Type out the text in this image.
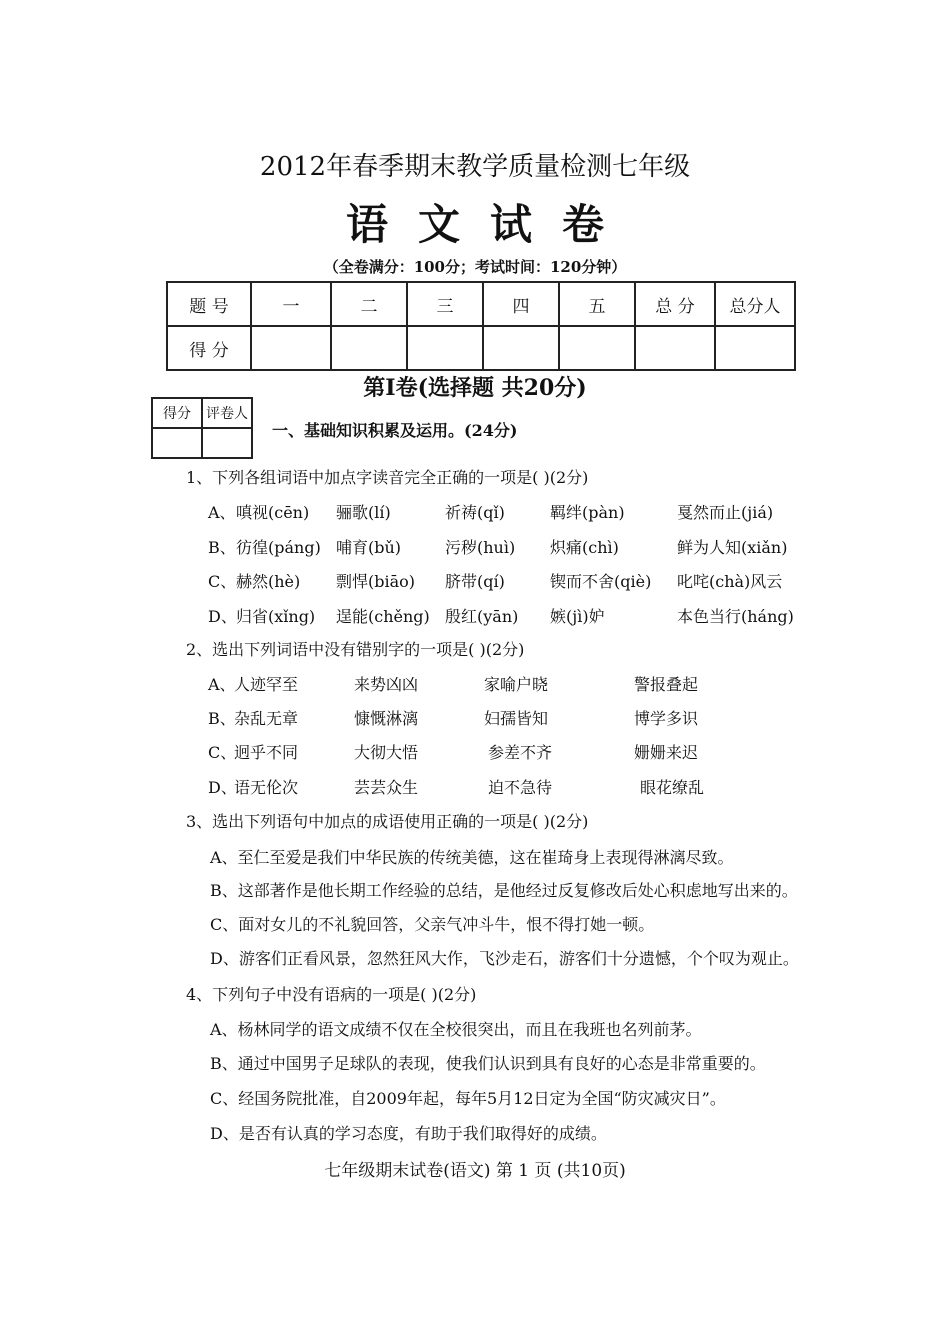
2012年春季期末教学质量检测七年级
语文试卷
（全卷满分：100分；考试时间：120分钟）
题 号	一	二	三	四	五	总 分	总分人
得 分							
第Ⅰ卷(选择题 共20分)
得分	评卷人

一、基础知识积累及运用。(24分)
1、下列各组词语中加点字读音完全正确的一项是( )(2分)
A、 嗔视(cēn) 骊歌(lí)	祈祷(qǐ)	羁绊(pàn)	戛然而止(jiá)
B、 彷徨(páng) 哺育(bǔ)	污秽(huì) 炽痛(chì)	鲜为人知(xiǎn)
C、 赫然(hè) 剽悍(biāo) 脐带(qí)	锲而不舍(qiè) 叱咤(chà)风云
D、 归省(xǐng) 逞能(chěng) 殷红(yān) 嫉(jì)妒	本色当行(háng)
2、选出下列词语中没有错别字的一项是( )(2分)
A、
人迹罕至	来势凶凶	家喻户晓	警报叠起
B、
杂乱无章	慷慨淋漓	妇孺皆知	博学多识
C、
迥乎不同	大彻大悟	参差不齐	姗姗来迟
D、
语无伦次	芸芸众生	迫不急待	眼花缭乱
3、选出下列语句中加点的成语使用正确的一项是( )(2分)
A、至仁至爱是我们中华民族的传统美德，这在崔琦身上表现得淋漓尽致。
B、这部著作是他长期工作经验的总结，是他经过反复修改后处心积虑地写出来的。
C、面对女儿的不礼貌回答，父亲气冲斗牛，恨不得打她一顿。
D、游客们正看风景，忽然狂风大作，飞沙走石，游客们十分遗憾，个个叹为观止。
4、下列句子中没有语病的一项是( )(2分)
A、杨林同学的语文成绩不仅在全校很突出，而且在我班也名列前茅。
B、通过中国男子足球队的表现，使我们认识到具有良好的心态是非常重要的。
C、经国务院批准，自2009年起，每年5月12日定为全国“防灾减灾日”。
D、是否有认真的学习态度，有助于我们取得好的成绩。
七年级期末试卷(语文) 第 1 页 (共10页)
